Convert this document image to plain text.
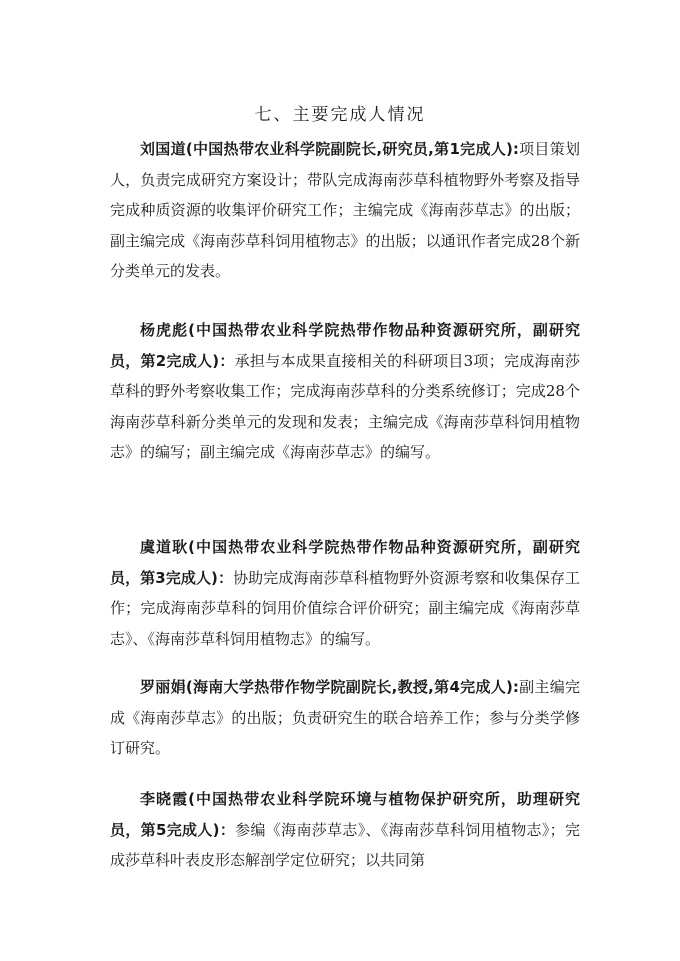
七、主要完成人情况
刘国道(中国热带农业科学院副院长,研究员,第1完成人):项目策划人，负责完成研究方案设计；带队完成海南莎草科植物野外考察及指导完成种质资源的收集评价研究工作；主编完成《海南莎草志》的出版；副主编完成《海南莎草科饲用植物志》的出版；以通讯作者完成28个新分类单元的发表。
杨虎彪(中国热带农业科学院热带作物品种资源研究所，副研究员，第2完成人)：承担与本成果直接相关的科研项目3项；完成海南莎草科的野外考察收集工作；完成海南莎草科的分类系统修订；完成28个海南莎草科新分类单元的发现和发表；主编完成《海南莎草科饲用植物志》的编写；副主编完成《海南莎草志》的编写。
虞道耿(中国热带农业科学院热带作物品种资源研究所，副研究员，第3完成人)：协助完成海南莎草科植物野外资源考察和收集保存工作；完成海南莎草科的饲用价值综合评价研究；副主编完成《海南莎草志》、《海南莎草科饲用植物志》的编写。
罗丽娟(海南大学热带作物学院副院长,教授,第4完成人):副主编完成《海南莎草志》的出版；负责研究生的联合培养工作；参与分类学修订研究。
李晓霞(中国热带农业科学院环境与植物保护研究所，助理研究员，第5完成人)：参编《海南莎草志》、《海南莎草科饲用植物志》；完成莎草科叶表皮形态解剖学定位研究；以共同第
